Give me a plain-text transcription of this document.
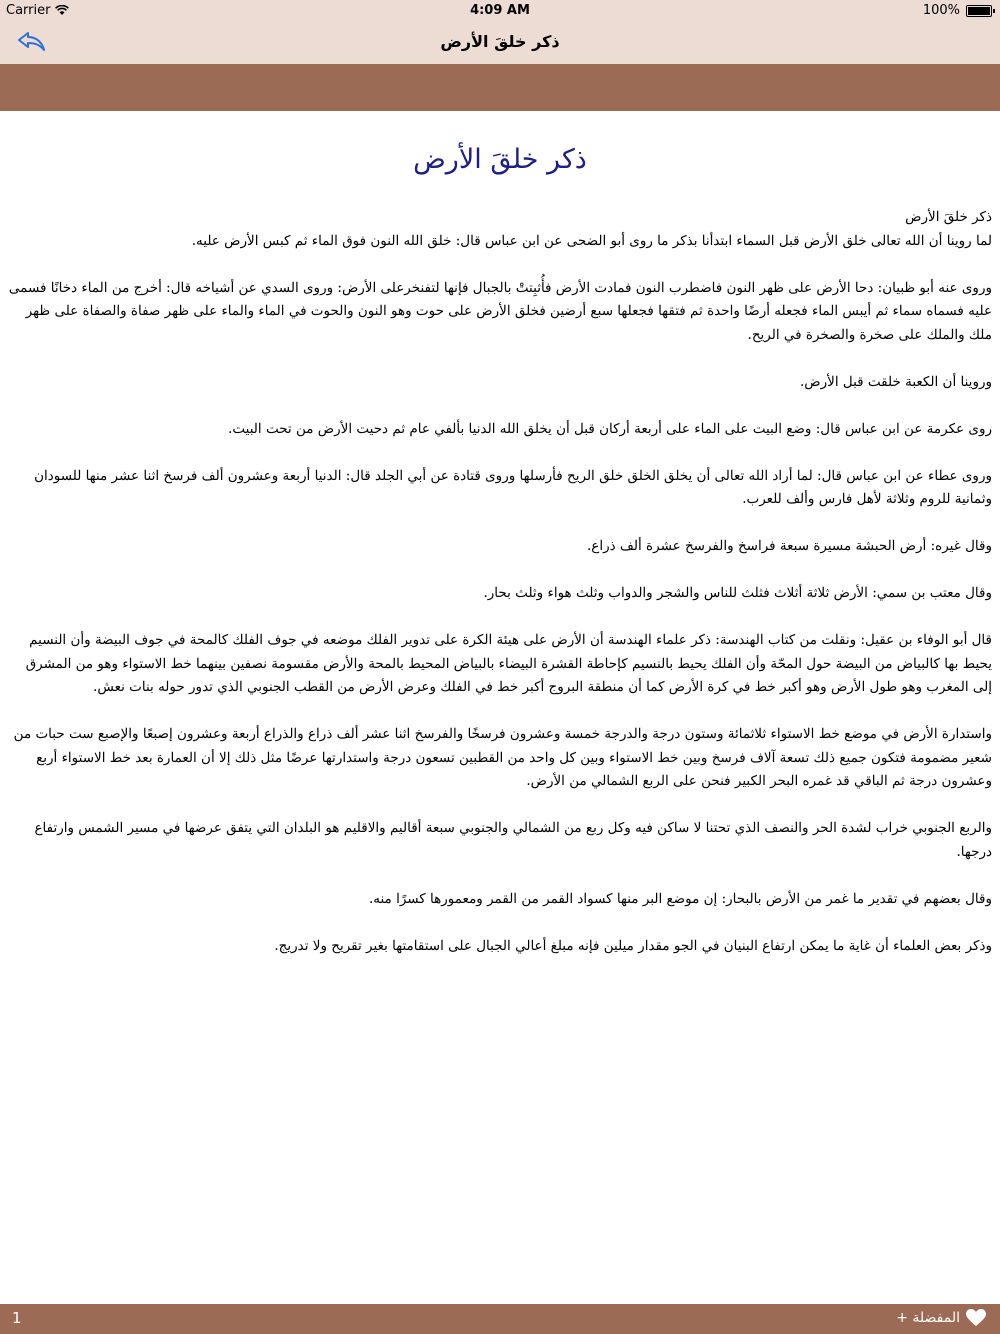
Carrier	4:09 AM	100%
ذكر خلقَ الأرض
ذكر خلقَ الأرض

ذكر خلقَ الأرض
لما روينا أن الله تعالى خلق الأرض قبل السماء ابتدأنا بذكر ما روى أبو الضحى عن ابن عباس قال: خلق الله النون فوق الماء ثم كبس الأرض عليه.

وروى عنه أبو ظبيان: دحا الأرض على ظهر النون فاضطرب النون فمادت الأرض فأُثبِتتْ بالجبال فإنها لتفنخرعلى الأرض: وروى السدي عن أشياخه قال: أخرج من الماء دخانًا فسمى عليه فسماه سماء ثم أيبس الماء فجعله أرضًا واحدة ثم فتقها فجعلها سبع أرضين فخلق الأرض على حوت وهو النون والحوت في الماء والماء على ظهر صفاة والصفاة على ظهر ملك والملك على صخرة والصخرة في الريح.

وروينا أن الكعبة خلقت قبل الأرض.

روى عكرمة عن ابن عباس قال: وضع البيت على الماء على أربعة أركان قبل أن يخلق الله الدنيا بألفي عام ثم دحيت الأرض من تحت البيت.

وروى عطاء عن ابن عباس قال: لما أراد الله تعالى أن يخلق الخلق خلق الريح فأرسلها وروى قتادة عن أبي الجلد قال: الدنيا أربعة وعشرون ألف فرسخ اثنا عشر منها للسودان وثمانية للروم وثلاثة لأهل فارس وألف للعرب.

وقال غيره: أرض الحبشة مسيرة سبعة فراسخ والفرسخ عشرة ألف ذراع.

وقال معتب بن سمي: الأرض ثلاثة أثلاث فثلث للناس والشجر والدواب وثلث هواء وثلث بحار.

قال أبو الوفاء بن عقيل: ونقلت من كتاب الهندسة: ذكر علماء الهندسة أن الأرض على هيئة الكرة على تدوير الفلك موضعه في جوف الفلك كالمحة في جوف البيضة وأن النسيم يحيط بها كالبياض من البيضة حول المحّة وأن الفلك يحيط بالنسيم كإحاطة القشرة البيضاء بالبياض المحيط بالمحة والأرض مقسومة نصفين بينهما خط الاستواء وهو من المشرق إلى المغرب وهو طول الأرض وهو أكبر خط في كرة الأرض كما أن منطقة البروج أكبر خط في الفلك وعرض الأرض من القطب الجنوبي الذي تدور حوله بنات نعش.

واستدارة الأرض في موضع خط الاستواء ثلاثمائة وستون درجة والدرجة خمسة وعشرون فرسخًا والفرسخ اثنا عشر ألف ذراع والذراع أربعة وعشرون إصبعًا والإصبع ست حبات من شعير مضمومة فتكون جميع ذلك تسعة آلاف فرسخ وبين خط الاستواء وبين كل واحد من القطبين تسعون درجة واستدارتها عرضًا مثل ذلك إلا أن العمارة بعد خط الاستواء أربع وعشرون درجة ثم الباقي قد غمره البحر الكبير فنحن على الربع الشمالي من الأرض.

والربع الجنوبي خراب لشدة الحر والنصف الذي تحتنا لا ساكن فيه وكل ربع من الشمالي والجنوبي سبعة أقاليم والاقليم هو البلدان التي يتفق عرضها في مسير الشمس وارتفاع درجها.

وقال بعضهم في تقدير ما غمر من الأرض بالبحار: إن موضع البر منها كسواد القمر من القمر ومعمورها كسرًا منه.

وذكر بعض العلماء أن غاية ما يمكن ارتفاع البنيان في الجو مقدار ميلين فإنه مبلغ أعالي الجبال على استقامتها بغير تقريح ولا تدريج.

1	المفضلة +
